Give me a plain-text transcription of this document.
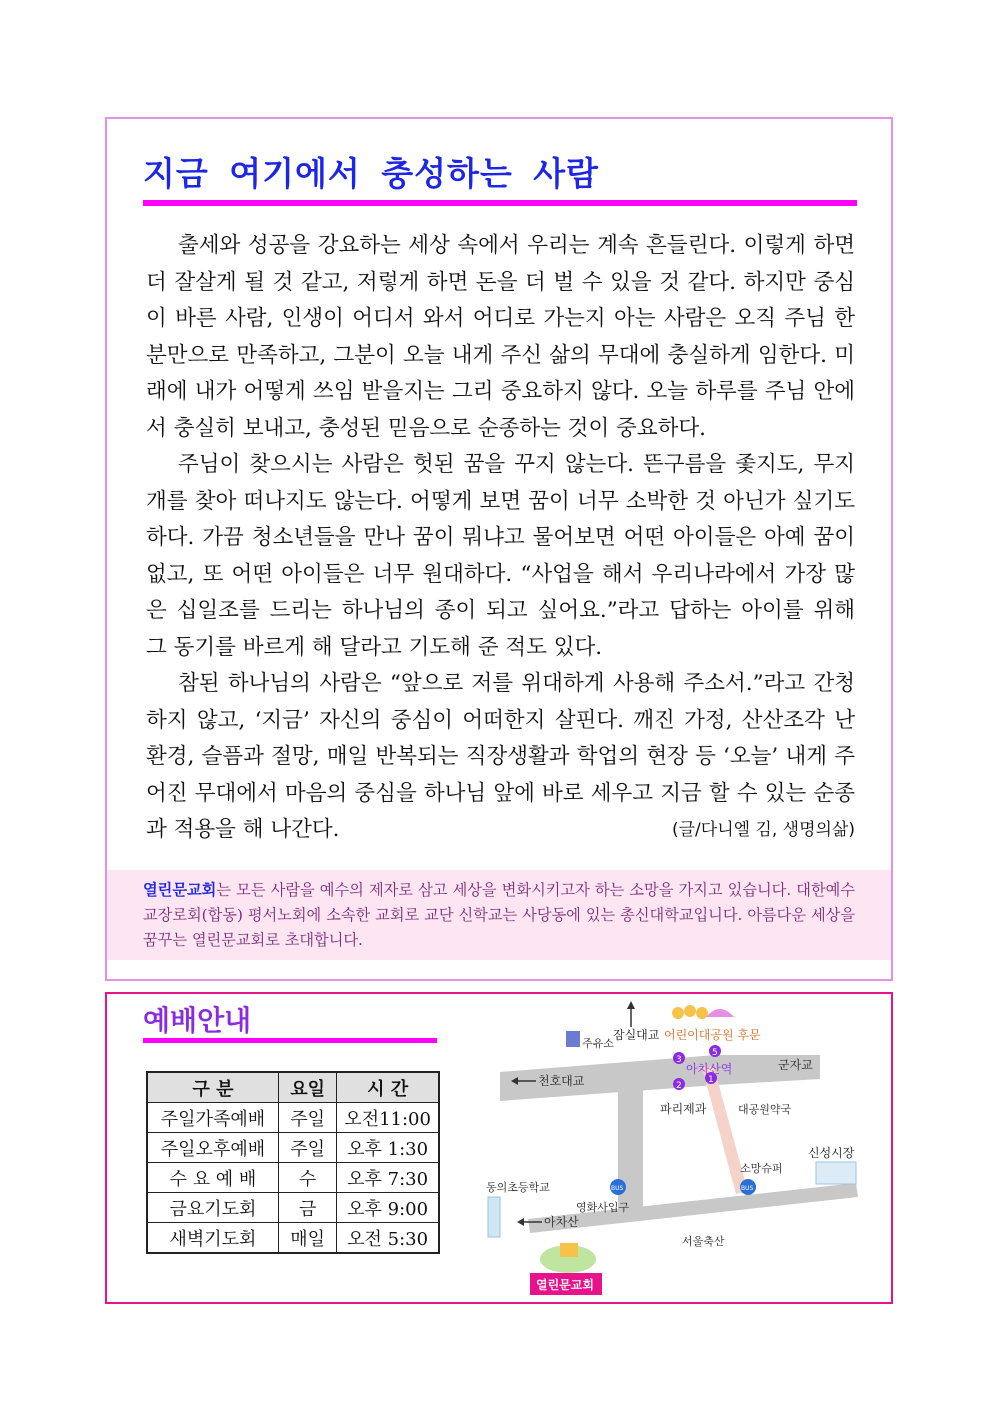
지금 여기에서 충성하는 사람

출세와 성공을 강요하는 세상 속에서 우리는 계속 흔들린다. 이렇게 하면 더 잘살게 될 것 같고, 저렇게 하면 돈을 더 벌 수 있을 것 같다. 하지만 중심이 바른 사람, 인생이 어디서 와서 어디로 가는지 아는 사람은 오직 주님 한 분만으로 만족하고, 그분이 오늘 내게 주신 삶의 무대에 충실하게 임한다. 미래에 내가 어떻게 쓰임 받을지는 그리 중요하지 않다. 오늘 하루를 주님 안에서 충실히 보내고, 충성된 믿음으로 순종하는 것이 중요하다.

주님이 찾으시는 사람은 헛된 꿈을 꾸지 않는다. 뜬구름을 좇지도, 무지개를 찾아 떠나지도 않는다. 어떻게 보면 꿈이 너무 소박한 것 아닌가 싶기도 하다. 가끔 청소년들을 만나 꿈이 뭐냐고 물어보면 어떤 아이들은 아예 꿈이 없고, 또 어떤 아이들은 너무 원대하다. “사업을 해서 우리나라에서 가장 많은 십일조를 드리는 하나님의 종이 되고 싶어요.”라고 답하는 아이를 위해 그 동기를 바르게 해 달라고 기도해 준 적도 있다.

참된 하나님의 사람은 “앞으로 저를 위대하게 사용해 주소서.”라고 간청하지 않고, ‘지금’ 자신의 중심이 어떠한지 살핀다. 깨진 가정, 산산조각 난 환경, 슬픔과 절망, 매일 반복되는 직장생활과 학업의 현장 등 ‘오늘’ 내게 주어진 무대에서 마음의 중심을 하나님 앞에 바로 세우고 지금 할 수 있는 순종과 적용을 해 나간다.	(글/다니엘 김, 생명의삶)

열린문교회는 모든 사람을 예수의 제자로 삼고 세상을 변화시키고자 하는 소망을 가지고 있습니다. 대한예수교장로회(합동) 평서노회에 소속한 교회로 교단 신학교는 사당동에 있는 총신대학교입니다. 아름다운 세상을 꿈꾸는 열린문교회로 초대합니다.

예배안내
구 분	요일	시 간
주일가족예배	주일	오전11:00
주일오후예배	주일	오후 1:30
수 요 예 배	수	오후 7:30
금요기도회	금	오후 9:00
새벽기도회	매일	오전 5:30
3
5
2
1
BUS	BUS
잠실대교 어린이대공원 후문
주유소
천호대교
아차산역	군자교
파리제과	대공원약국
신성시장
소망슈퍼
동의초등학교
영화사입구
아차산
서울축산
열린문교회
